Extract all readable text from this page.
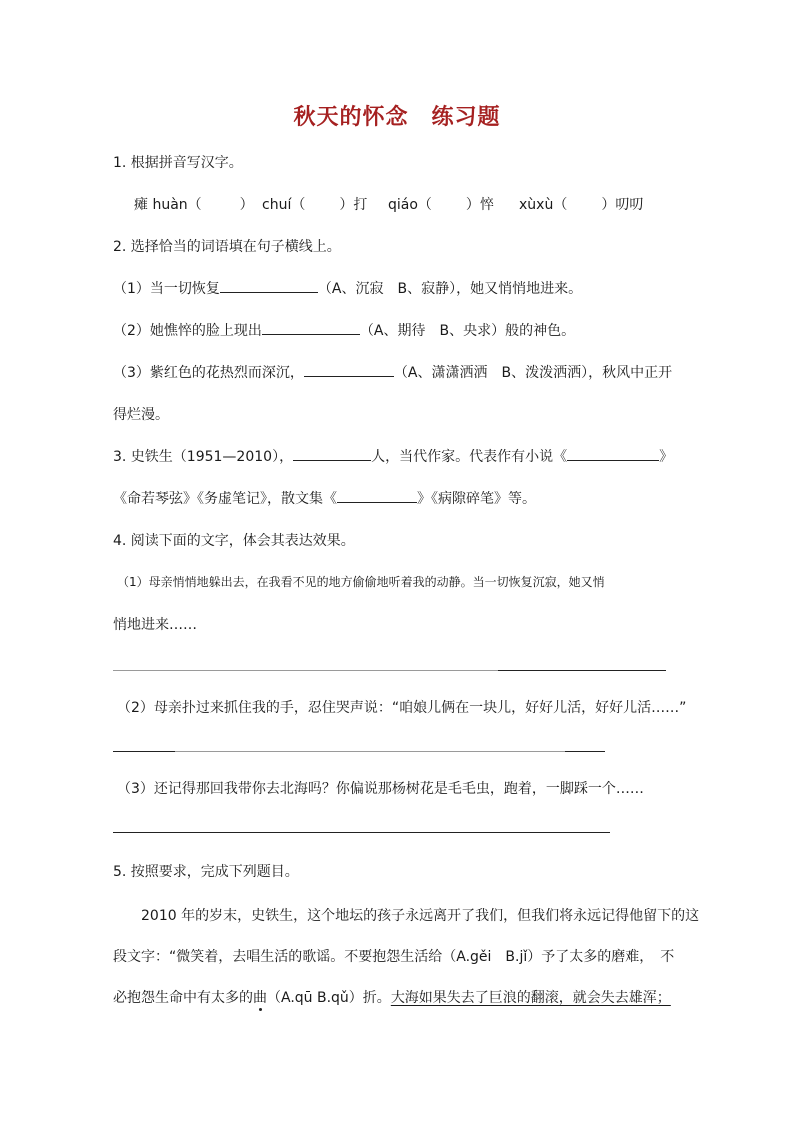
秋天的怀念　练习题
1. 根据拼音写汉字。
瘫 huàn（	） chuí（ ）打 qiáo（ ）悴 xùxù（ ）叨叨
2. 选择恰当的词语填在句子横线上。
（1）当一切恢复	（A、沉寂　B、寂静），她又悄悄地进来。
（2）她憔悴的脸上现出	（A、期待　B、央求）般的神色。
（3）紫红色的花热烈而深沉，	（A、潇潇洒洒　B、泼泼洒洒），秋风中正开
得烂漫。
3. 史铁生（1951—2010），	人，当代作家。代表作有小说《	》
《命若琴弦》《务虚笔记》，散文集《	》《病隙碎笔》等。
4. 阅读下面的文字，体会其表达效果。
（1）母亲悄悄地躲出去，在我看不见的地方偷偷地听着我的动静。当一切恢复沉寂，她又悄
悄地进来……
（2）母亲扑过来抓住我的手，忍住哭声说：“咱娘儿俩在一块儿，好好儿活，好好儿活……”
（3）还记得那回我带你去北海吗？你偏说那杨树花是毛毛虫，跑着，一脚踩一个……
5. 按照要求，完成下列题目。
2010 年的岁末，史铁生，这个地坛的孩子永远离开了我们，但我们将永远记得他留下的这
段文字：“微笑着，去唱生活的歌谣。不要抱怨生活给（A.gěi　B.jǐ）予了太多的磨难，　不
必抱怨生命中有太多的曲（A.qū B.qǔ）折。大海如果失去了巨浪的翻滚，就会失去雄浑；
